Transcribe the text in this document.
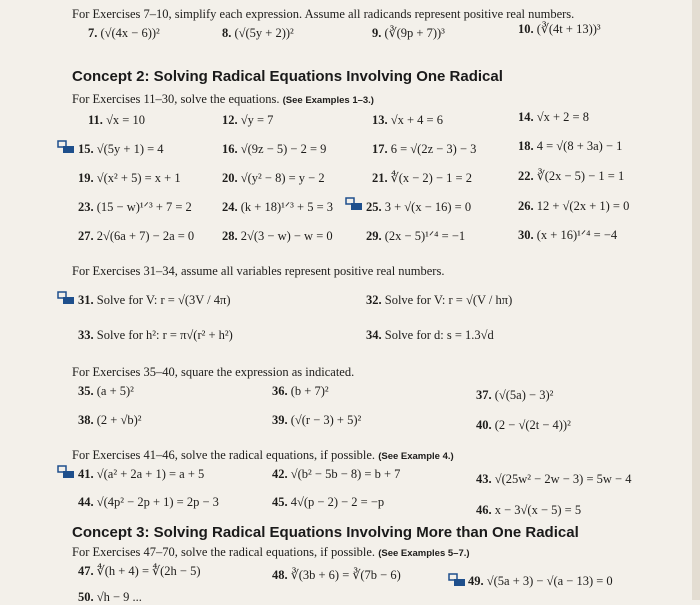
For Exercises 7–10, simplify each expression. Assume all radicands represent positive real numbers.
7. (√(4x − 6))²	8. (√(5y + 2))²	9. (∛(9p + 7))³	10. (∛(4t + 13))³
Concept 2: Solving Radical Equations Involving One Radical
For Exercises 11–30, solve the equations. (See Examples 1–3.)
11. √x = 10	12. √y = 7	13. √x + 4 = 6	14. √x + 2 = 8
15. √(5y + 1) = 4	16. √(9z − 5) − 2 = 9	17. 6 = √(2z − 3) − 3	18. 4 = √(8 + 3a) − 1
19. √(x² + 5) = x + 1	20. √(y² − 8) = y − 2	21. ∜(x − 2) − 1 = 2	22. ∛(2x − 5) − 1 = 1
23. (15 − w)¹ᐟ³ + 7 = 2 24. (k + 18)¹ᐟ³ + 5 = 3	25. 3 + √(x − 16) = 0	26. 12 + √(2x + 1) = 0
27. 2√(6a + 7) − 2a = 0 28. 2√(3 − w) − w = 0	29. (2x − 5)¹ᐟ⁴ = −1	30. (x + 16)¹ᐟ⁴ = −4
For Exercises 31–34, assume all variables represent positive real numbers.
31. Solve for V: r = √(3V / 4π)	32. Solve for V: r = √(V / hπ)
33. Solve for h²: r = π√(r² + h²)	34. Solve for d: s = 1.3√d
For Exercises 35–40, square the expression as indicated.
35. (a + 5)²	36. (b + 7)²	37. (√(5a) − 3)²
38. (2 + √b)²	39. (√(r − 3) + 5)²	40. (2 − √(2t − 4))²
For Exercises 41–46, solve the radical equations, if possible. (See Example 4.)
41. √(a² + 2a + 1) = a + 5	42. √(b² − 5b − 8) = b + 7	43. √(25w² − 2w − 3) = 5w − 4
44. √(4p² − 2p + 1) = 2p − 3	45. 4√(p − 2) − 2 = −p
46. x − 3√(x − 5) = 5
Concept 3: Solving Radical Equations Involving More than One Radical
For Exercises 47–70, solve the radical equations, if possible. (See Examples 5–7.)
47. ∜(h + 4) = ∜(2h − 5)	48. ∛(3b + 6) = ∛(7b − 6)	49. √(5a + 3) − √(a − 13) = 0
50. √h − 9 ...
